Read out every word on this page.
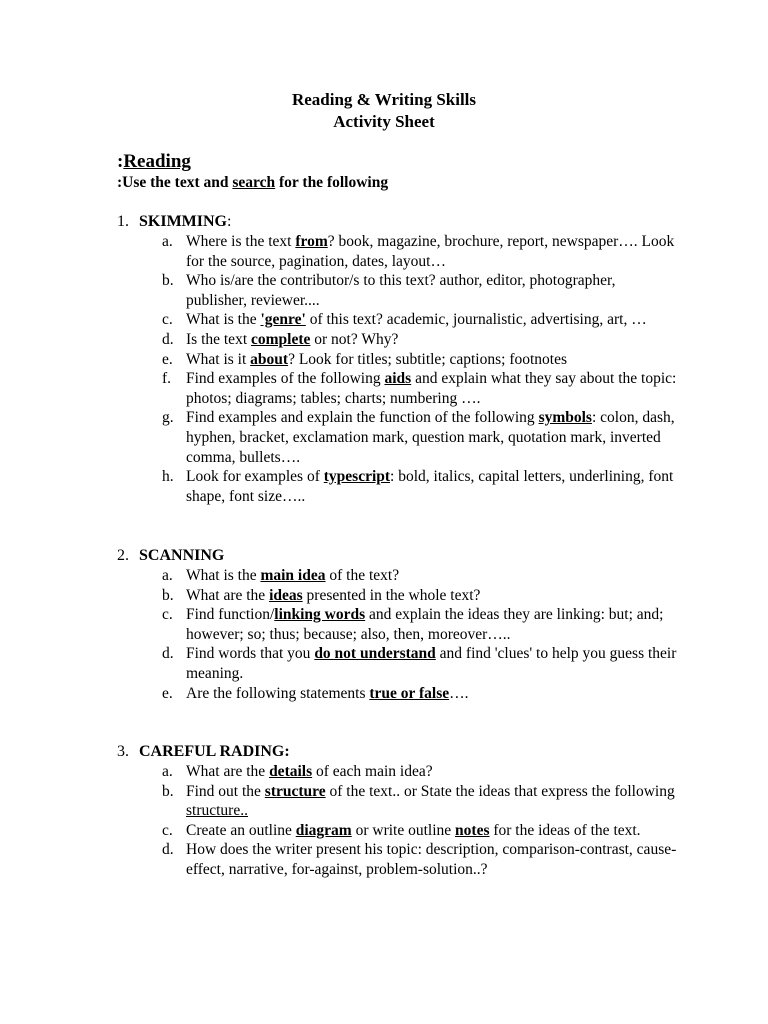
Reading & Writing Skills
Activity Sheet
:Reading
:Use the text and search for the following
1. SKIMMING:
a. Where is the text from? book, magazine, brochure, report, newspaper…. Look for the source, pagination, dates, layout…
b. Who is/are the contributor/s to this text? author, editor, photographer, publisher, reviewer....
c. What is the 'genre' of this text? academic, journalistic, advertising, art, …
d. Is the text complete or not? Why?
e. What is it about? Look for titles; subtitle; captions; footnotes
f. Find examples of the following aids and explain what they say about the topic: photos; diagrams; tables; charts; numbering ….
g. Find examples and explain the function of the following symbols: colon, dash, hyphen, bracket, exclamation mark, question mark, quotation mark, inverted comma, bullets….
h. Look for examples of typescript: bold, italics, capital letters, underlining, font shape, font size…..
2. SCANNING
a. What is the main idea of the text?
b. What are the ideas presented in the whole text?
c. Find function/linking words and explain the ideas they are linking: but; and; however; so; thus; because; also, then, moreover…..
d. Find words that you do not understand and find 'clues' to help you guess their meaning.
e. Are the following statements true or false….
3. CAREFUL RADING:
a. What are the details of each main idea?
b. Find out the structure of the text.. or State the ideas that express the following structure..
c. Create an outline diagram or write outline notes for the ideas of the text.
d. How does the writer present his topic: description, comparison-contrast, cause-effect, narrative, for-against, problem-solution..?
